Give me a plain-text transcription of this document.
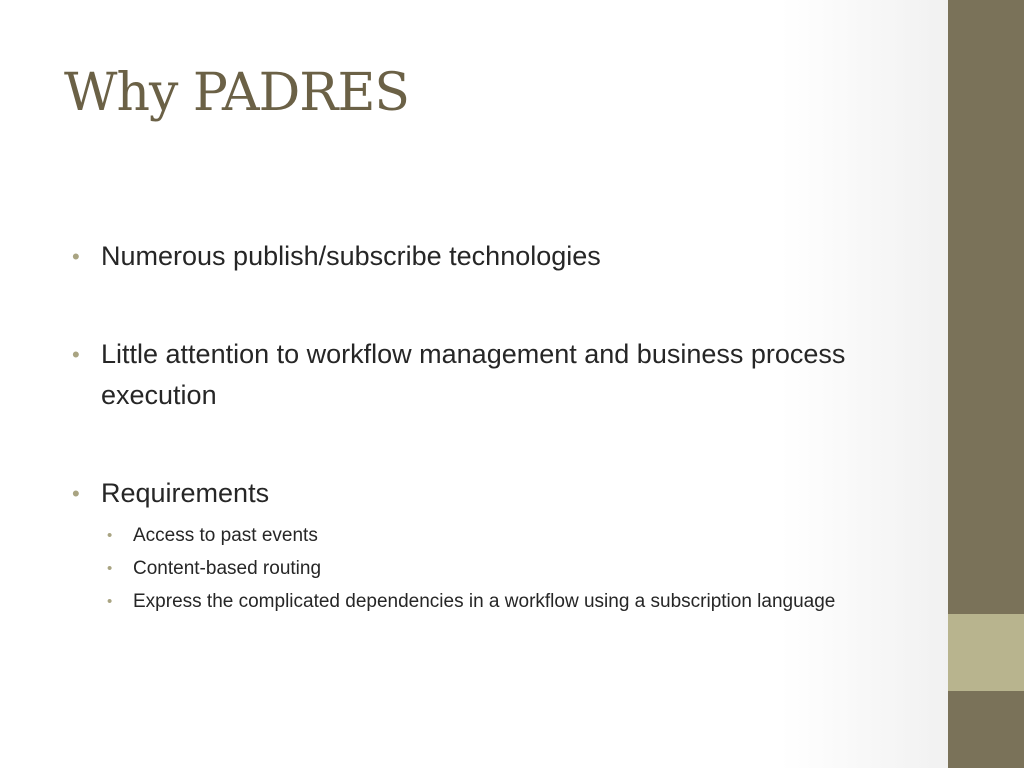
Why PADRES
• Numerous publish/subscribe technologies
• Little attention to workflow management and business process execution
• Requirements
• Access to past events
• Content-based routing
• Express the complicated dependencies in a workflow using a subscription language
